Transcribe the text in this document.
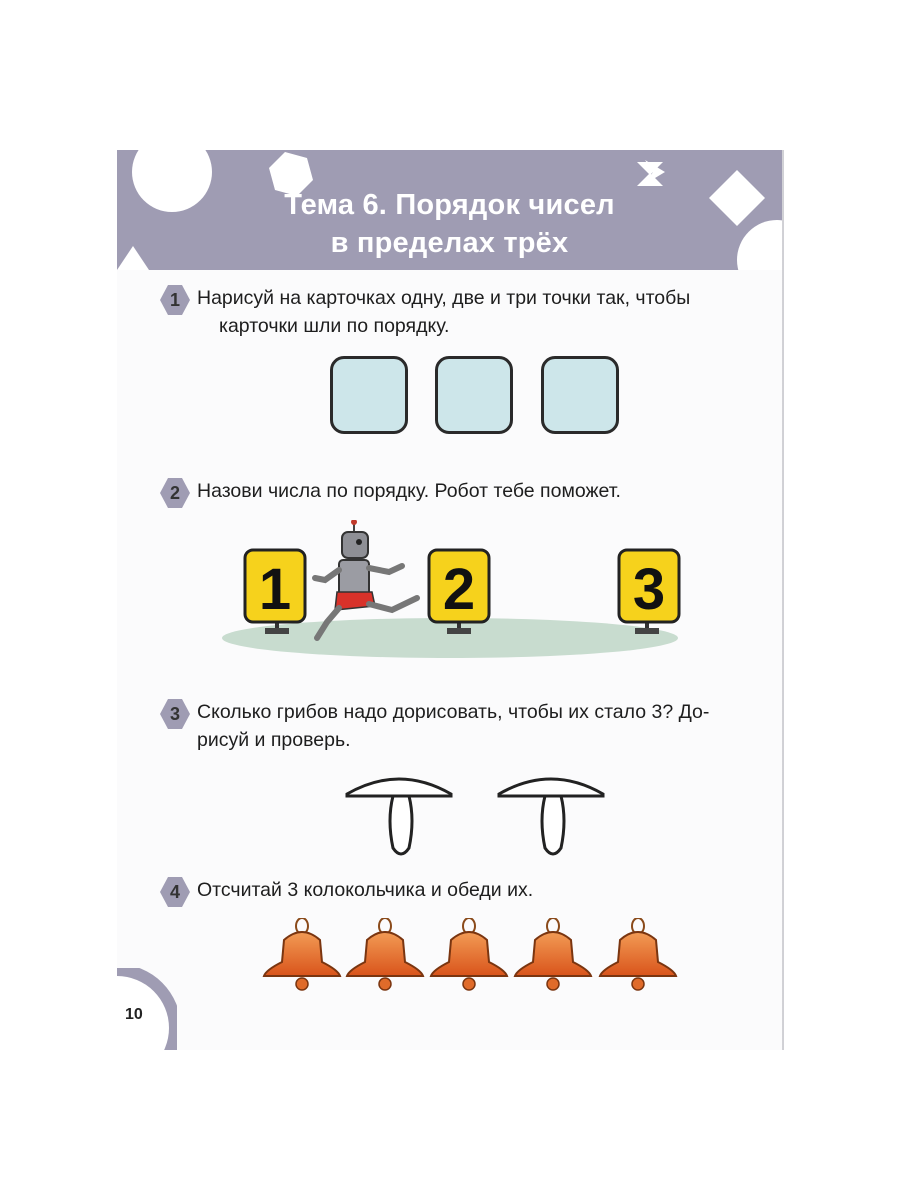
Тема 6. Порядок чисел
в пределах трёх
1 Нарисуй на карточках одну, две и три точки так, чтобы
карточки шли по порядку.
2 Назови числа по порядку. Робот тебе поможет.
1	2	3
3 Сколько грибов надо дорисовать, чтобы их стало 3? До-
рисуй и проверь.
4 Отсчитай 3 колокольчика и обеди их.
10
